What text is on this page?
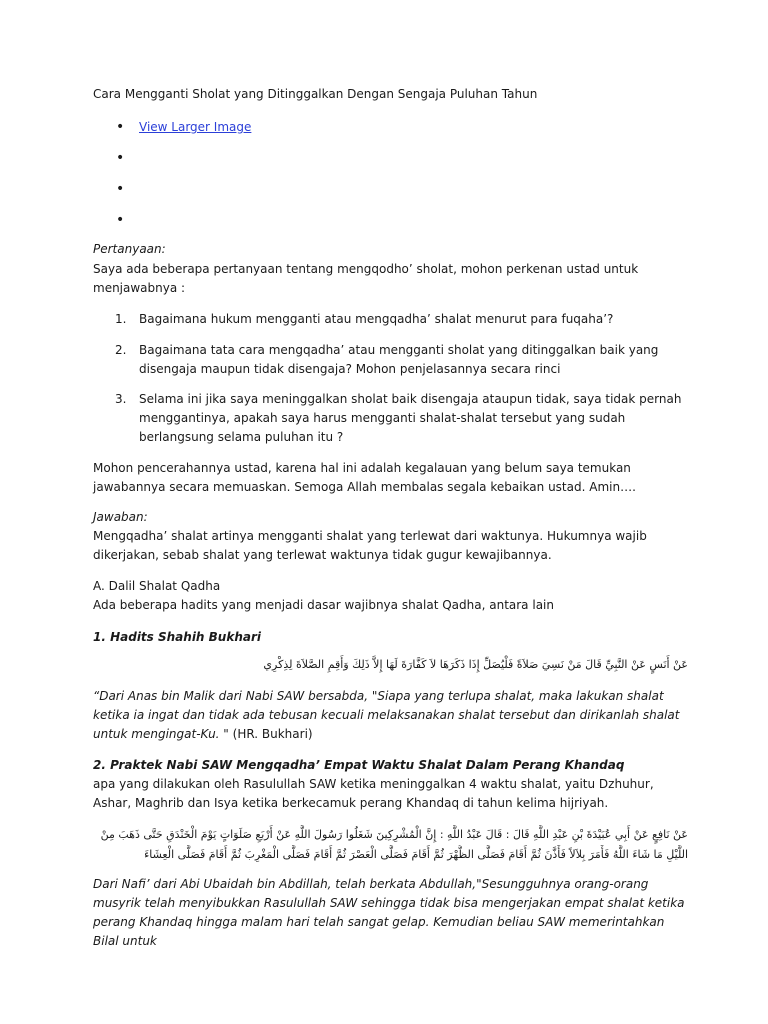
Cara Mengganti Sholat yang Ditinggalkan Dengan Sengaja Puluhan Tahun
• View Larger Image
•
•
•

Pertanyaan:

Saya ada beberapa pertanyaan tentang mengqodho’ sholat, mohon perkenan ustad untuk menjawabnya :

1. Bagaimana hukum mengganti atau mengqadha’ shalat menurut para fuqaha’?
2. Bagaimana tata cara mengqadha’ atau mengganti sholat yang ditinggalkan baik yang disengaja maupun tidak disengaja? Mohon penjelasannya secara rinci
3. Selama ini jika saya meninggalkan sholat baik disengaja ataupun tidak, saya tidak pernah menggantinya, apakah saya harus mengganti shalat-shalat tersebut yang sudah berlangsung selama puluhan itu ?

Mohon pencerahannya ustad, karena hal ini adalah kegalauan yang belum saya temukan jawabannya secara memuaskan. Semoga Allah membalas segala kebaikan ustad. Amin….

Jawaban:

Mengqadha’ shalat artinya mengganti shalat yang terlewat dari waktunya. Hukumnya wajib dikerjakan, sebab shalat yang terlewat waktunya tidak gugur kewajibannya.

A. Dalil Shalat Qadha

Ada beberapa hadits yang menjadi dasar wajibnya shalat Qadha, antara lain

1. Hadits Shahih Bukhari

عَنْ أَنَسٍ عَنْ النَّبِيِّ قَالَ مَنْ نَسِيَ صَلاَةً فَلْيُصَلِّ إِذَا ذَكَرَهَا لاَ كَفَّارَةَ لَهَا إِلاَّ ذَلِكَ وَأَقِمِ الصَّلاَةَ لِذِكْرِي

“Dari Anas bin Malik dari Nabi SAW bersabda, "Siapa yang terlupa shalat, maka lakukan shalat ketika ia ingat dan tidak ada tebusan kecuali melaksanakan shalat tersebut dan dirikanlah shalat untuk mengingat-Ku. " (HR. Bukhari)

2. Praktek Nabi SAW Mengqadha’ Empat Waktu Shalat Dalam Perang Khandaq

apa yang dilakukan oleh Rasulullah SAW ketika meninggalkan 4 waktu shalat, yaitu Dzhuhur, Ashar, Maghrib dan Isya ketika berkecamuk perang Khandaq di tahun kelima hijriyah.

عَنْ نَافِعٍ عَنْ أَبِي عُبَيْدَةَ بْنِ عَبْدِ اللَّهِ قَالَ : قَالَ عَبْدُ اللَّهِ : إِنَّ الْمُشْرِكِينَ شَغَلُوا رَسُولَ اللَّهِ عَنْ أَرْبَعِ صَلَوَاتٍ يَوْمَ الْخَنْدَقِ حَتَّى ذَهَبَ مِنْ

اللَّيْلِ مَا شَاءَ اللَّهُ فَأَمَرَ بِلاَلاً فَأَذَّنَ ثُمَّ أَقَامَ فَصَلَّى الظُّهْرَ ثُمَّ أَقَامَ فَصَلَّى الْعَصْرَ ثُمَّ أَقَامَ فَصَلَّى الْمَغْرِبَ ثُمَّ أَقَامَ فَصَلَّى الْعِشَاءَ

Dari Nafi’ dari Abi Ubaidah bin Abdillah, telah berkata Abdullah,"Sesungguhnya orang-orang musyrik telah menyibukkan Rasulullah SAW sehingga tidak bisa mengerjakan empat shalat ketika perang Khandaq hingga malam hari telah sangat gelap. Kemudian beliau SAW memerintahkan Bilal untuk
